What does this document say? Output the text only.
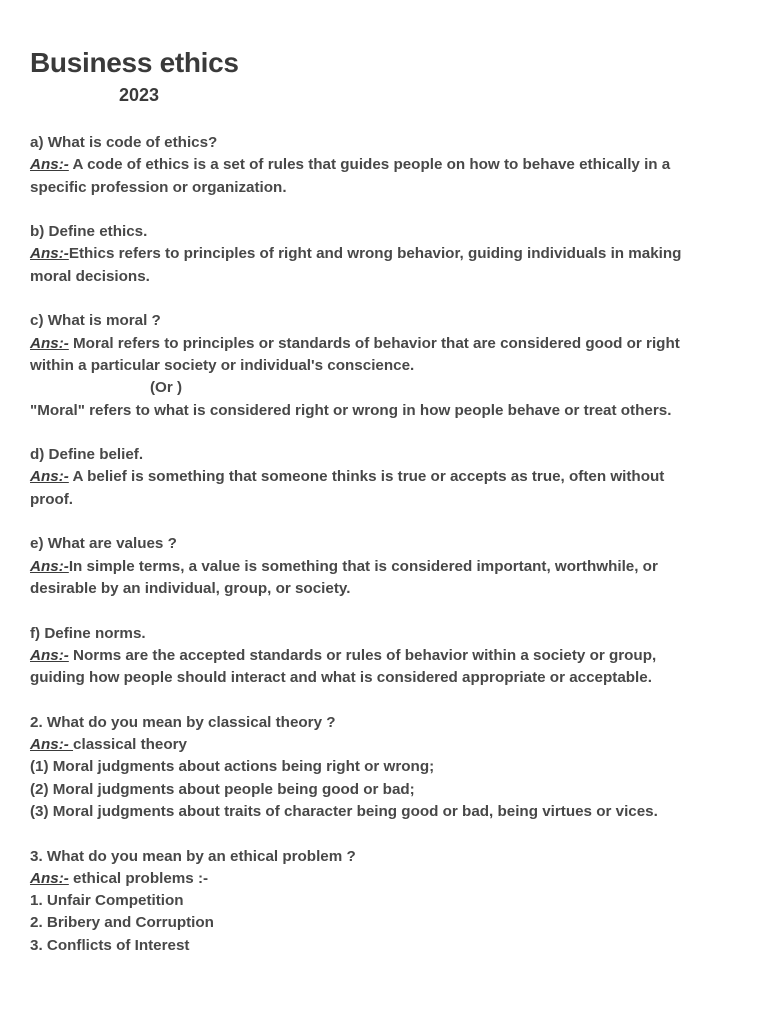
Business ethics
2023
a) What is code of ethics?
Ans:- A code of ethics is a set of rules that guides people on how to behave ethically in a
specific profession or organization.
b) Define ethics.
Ans:-Ethics refers to principles of right and wrong behavior, guiding individuals in making
moral decisions.
c) What is moral ?
Ans:- Moral refers to principles or standards of behavior that are considered good or right
within a particular society or individual's conscience.
(Or )
"Moral" refers to what is considered right or wrong in how people behave or treat others.
d) Define belief.
Ans:- A belief is something that someone thinks is true or accepts as true, often without
proof.
e) What are values ?
Ans:-In simple terms, a value is something that is considered important, worthwhile, or
desirable by an individual, group, or society.
f) Define norms.
Ans:- Norms are the accepted standards or rules of behavior within a society or group,
guiding how people should interact and what is considered appropriate or acceptable.
2. What do you mean by classical theory ?
Ans:- classical theory
(1) Moral judgments about actions being right or wrong;
(2) Moral judgments about people being good or bad;
(3) Moral judgments about traits of character being good or bad, being virtues or vices.
3. What do you mean by an ethical problem ?
Ans:- ethical problems :-
1. Unfair Competition
2. Bribery and Corruption
3. Conflicts of Interest
